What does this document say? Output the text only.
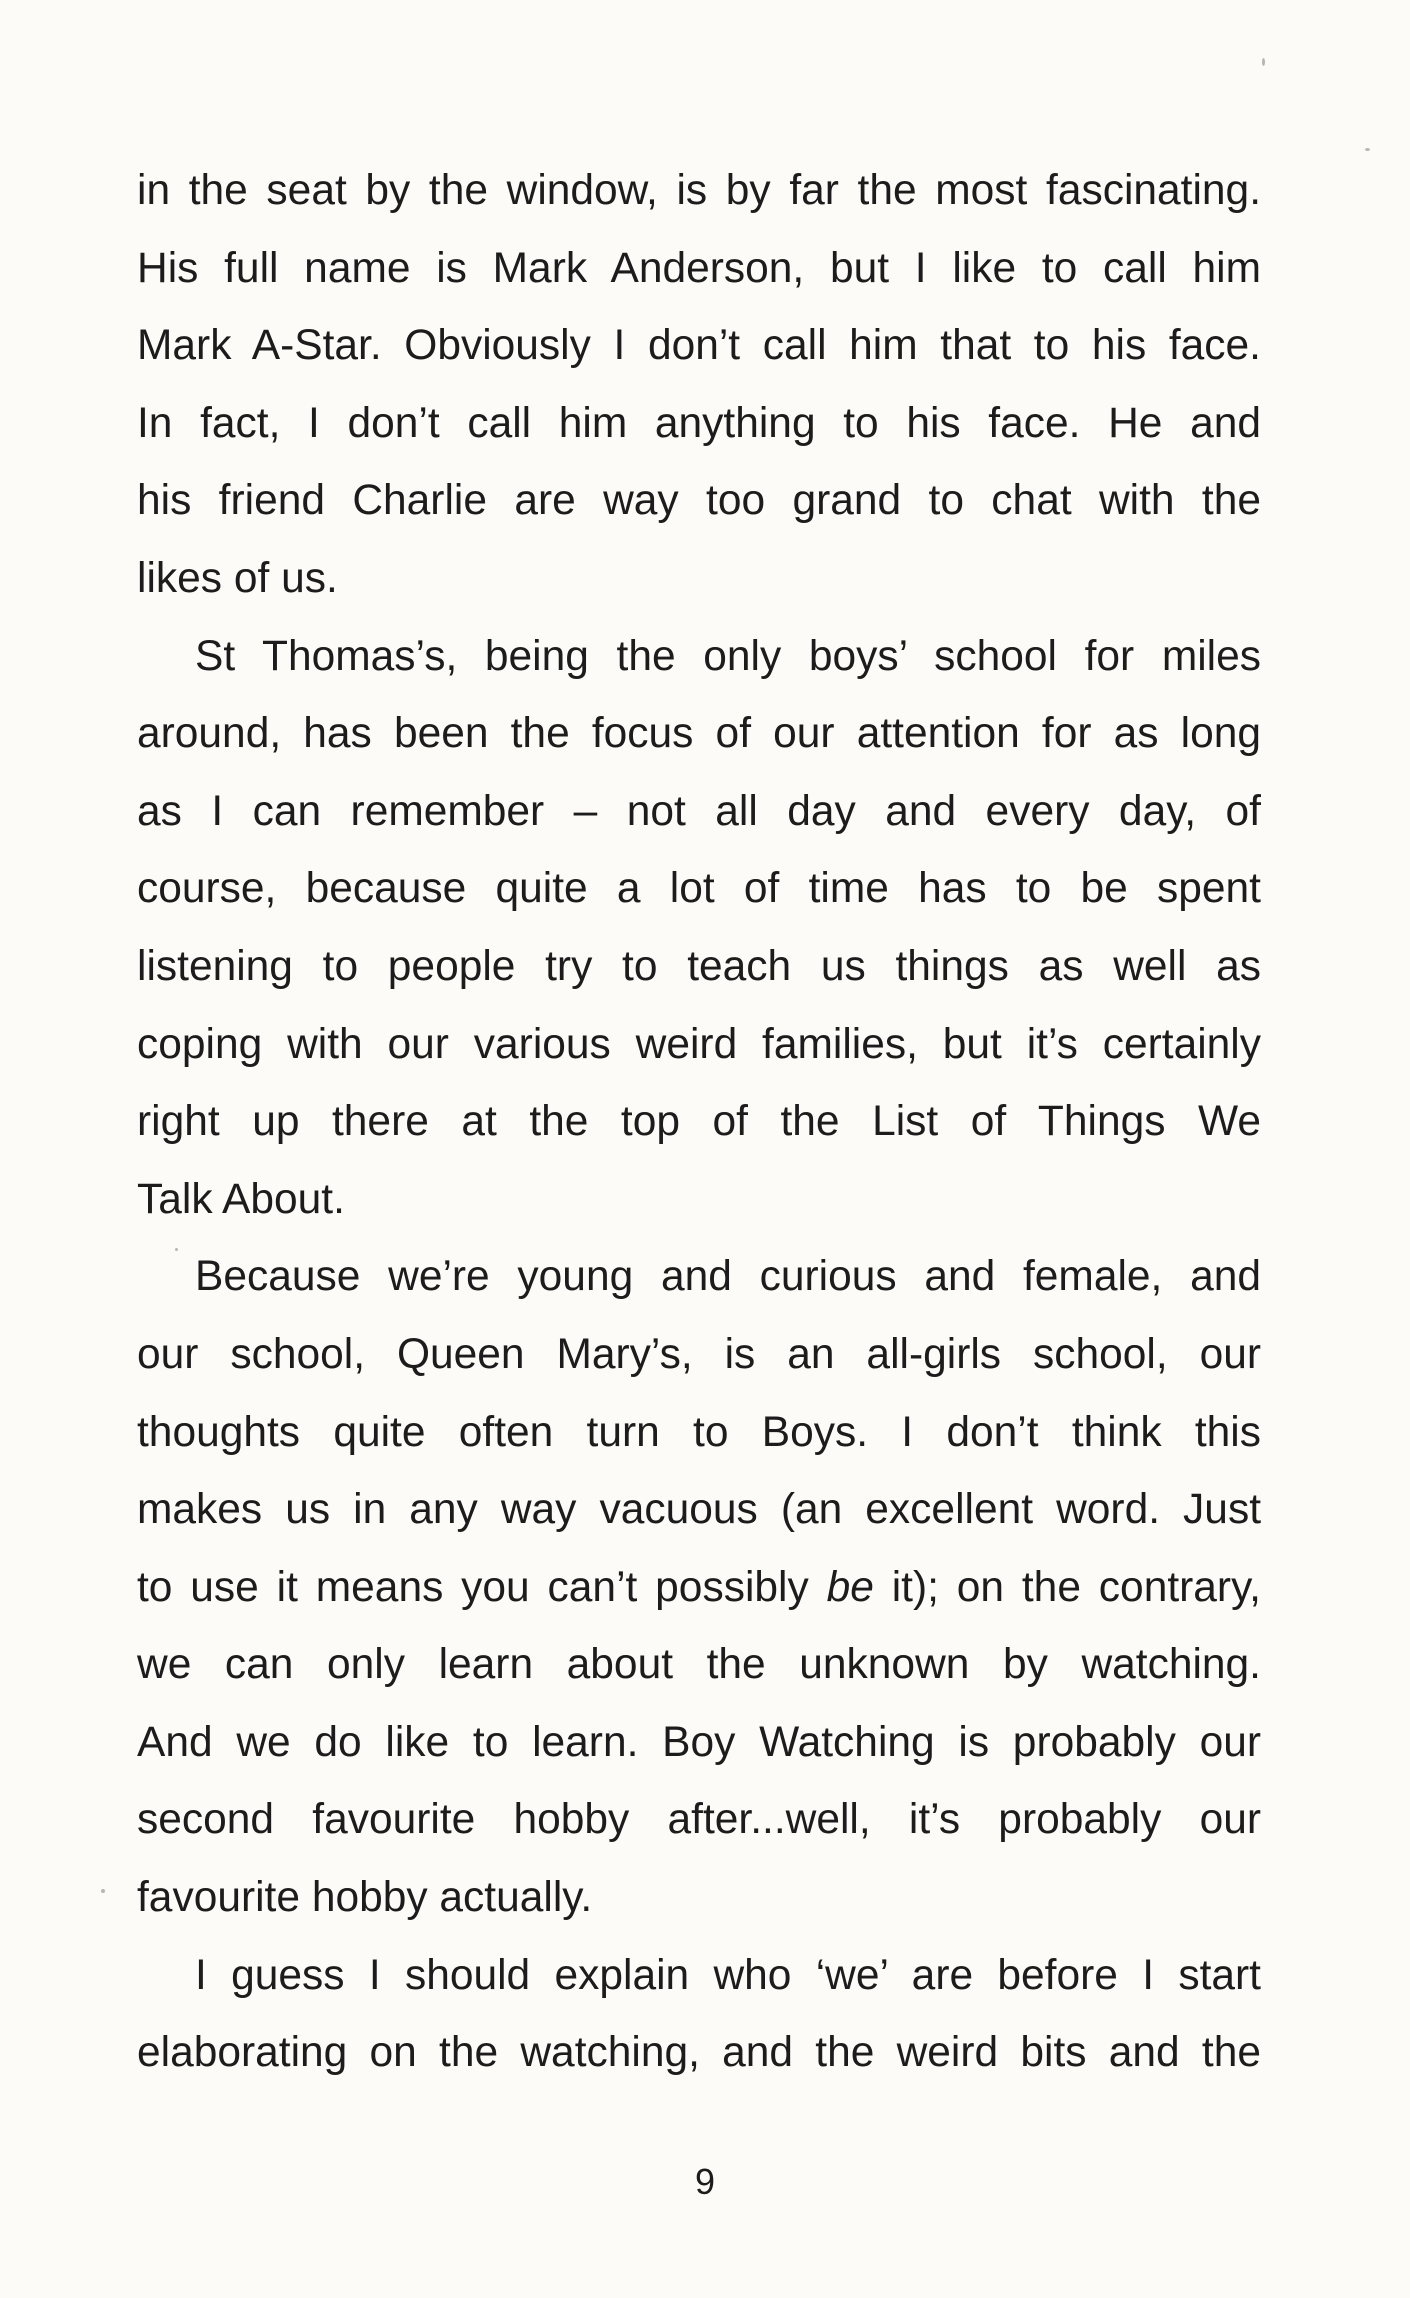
in the seat by the window, is by far the most fascinating.
His full name is Mark Anderson, but I like to call him
Mark A-Star. Obviously I don’t call him that to his face.
In fact, I don’t call him anything to his face. He and
his friend Charlie are way too grand to chat with the
likes of us.
St Thomas’s, being the only boys’ school for miles
around, has been the focus of our attention for as long
as I can remember – not all day and every day, of
course, because quite a lot of time has to be spent
listening to people try to teach us things as well as
coping with our various weird families, but it’s certainly
right up there at the top of the List of Things We
Talk About.
Because we’re young and curious and female, and
our school, Queen Mary’s, is an all-girls school, our
thoughts quite often turn to Boys. I don’t think this
makes us in any way vacuous (an excellent word. Just
to use it means you can’t possibly be it); on the contrary,
we can only learn about the unknown by watching.
And we do like to learn. Boy Watching is probably our
second favourite hobby after...well, it’s probably our
favourite hobby actually.
I guess I should explain who ‘we’ are before I start
elaborating on the watching, and the weird bits and the
9
